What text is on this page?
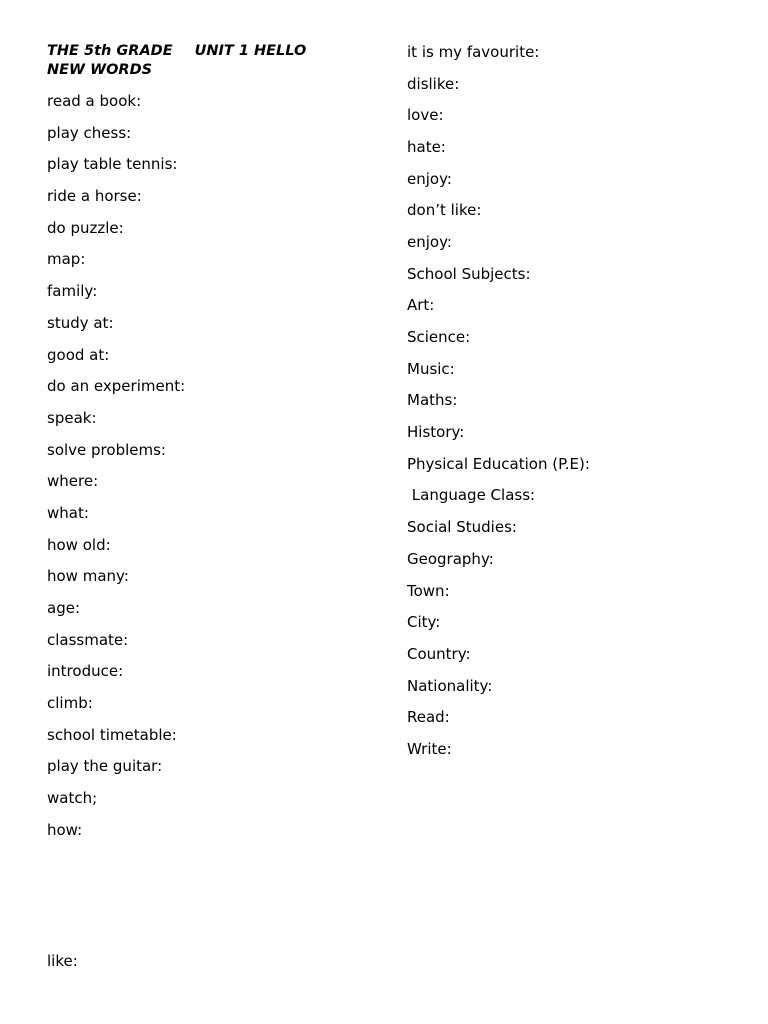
THE 5th GRADE UNIT 1 HELLO
NEW WORDS
read a book:
play chess:
play table tennis:
ride a horse:
do puzzle:
map:
family:
study at:
good at:
do an experiment:
speak:
solve problems:
where:
what:
how old:
how many:
age:
classmate:
introduce:
climb:
school timetable:
play the guitar:
watch;
how:
it is my favourite:
dislike:
love:
hate:
enjoy:
don’t like:
enjoy:
School Subjects:
Art:
Science:
Music:
Maths:
History:
Physical Education (P.E):
Language Class:
Social Studies:
Geography:
Town:
City:
Country:
Nationality:
Read:
Write:
like:
